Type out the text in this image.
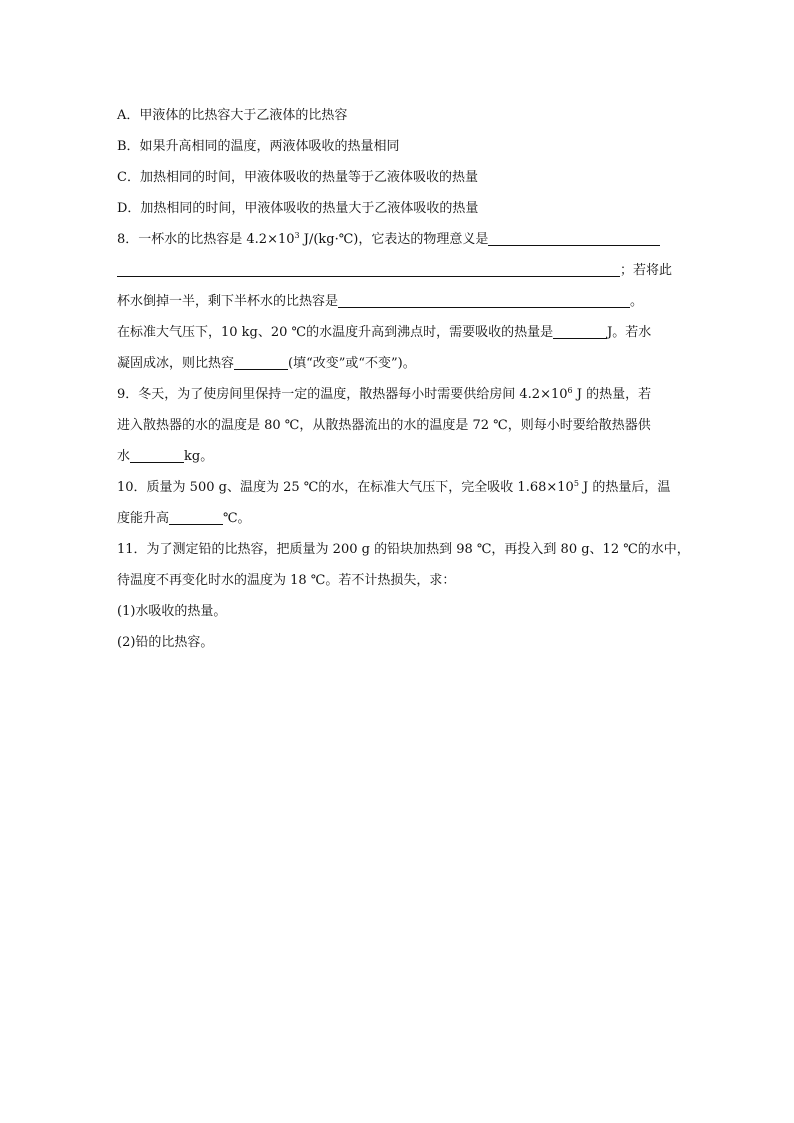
A．甲液体的比热容大于乙液体的比热容
B．如果升高相同的温度，两液体吸收的热量相同
C．加热相同的时间，甲液体吸收的热量等于乙液体吸收的热量
D．加热相同的时间，甲液体吸收的热量大于乙液体吸收的热量
8．一杯水的比热容是 $4.2\times 10^3$ J/(kg·℃)，它表达的物理意义是
；若将此
杯水倒掉一半，剩下半杯水的比热容是	。
在标准大气压下，10 kg、20 ℃的水温度升高到沸点时，需要吸收的热量是	J。若水
凝固成冰，则比热容	(填“改变”或“不变”)。
9．冬天，为了使房间里保持一定的温度，散热器每小时需要供给房间 $4.2\times 10^6$ J 的热量，若
进入散热器的水的温度是 80 ℃，从散热器流出的水的温度是 72 ℃，则每小时要给散热器供
水	kg。
10．质量为 500 g、温度为 25 ℃的水，在标准大气压下，完全吸收 $1.68\times 10^5$ J 的热量后，温
度能升高	℃。
11．为了测定铅的比热容，把质量为 200 g 的铅块加热到 98 ℃，再投入到 80 g、12 ℃的水中，
待温度不再变化时水的温度为 18 ℃。若不计热损失，求：
(1)水吸收的热量。
(2)铅的比热容。
